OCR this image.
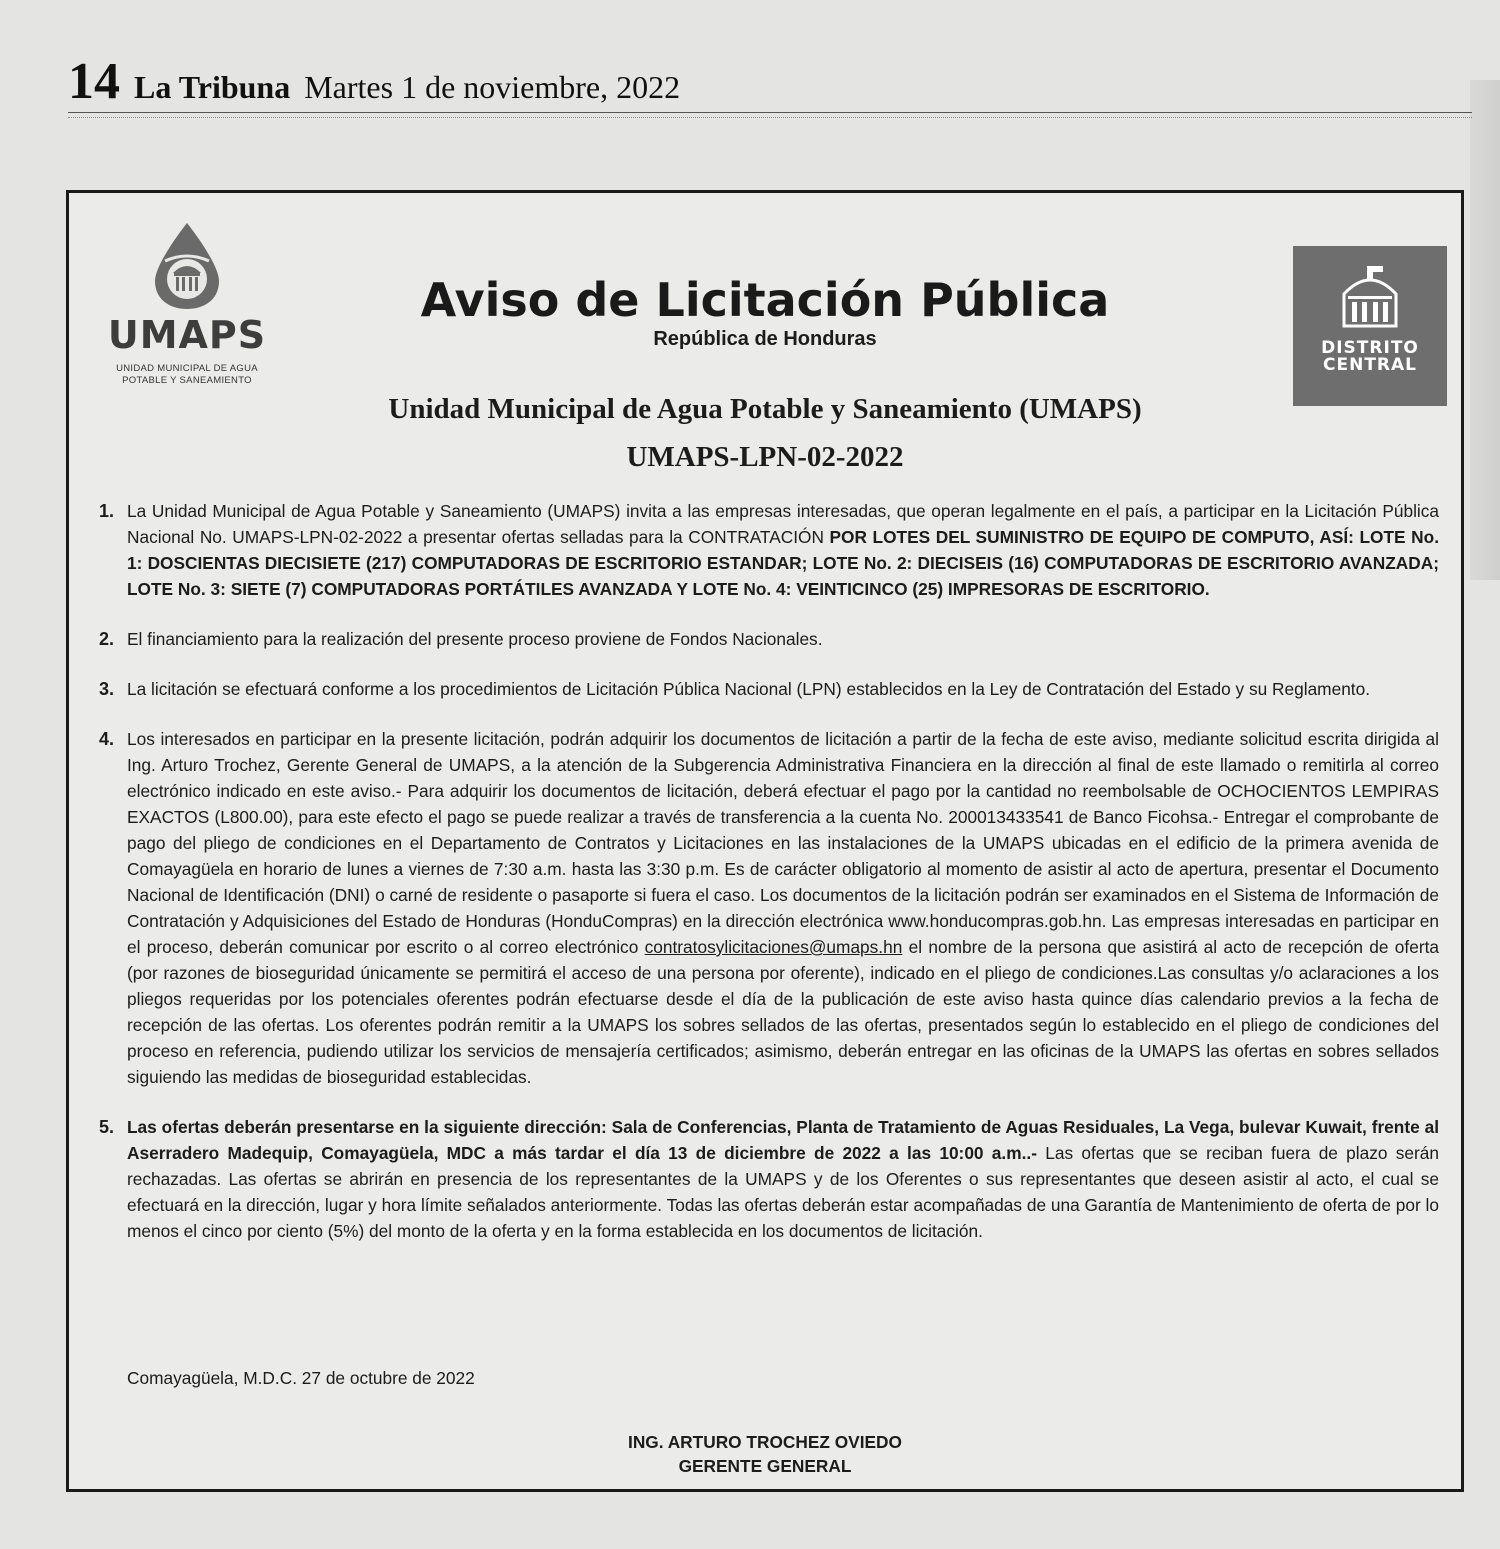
14 La Tribuna Martes 1 de noviembre, 2022
UMAPS
UNIDAD MUNICIPAL DE AGUA
POTABLE Y SANEAMIENTO
DISTRITO
CENTRAL
Aviso de Licitación Pública
República de Honduras
Unidad Municipal de Agua Potable y Saneamiento (UMAPS)
UMAPS-LPN-02-2022
1. La Unidad Municipal de Agua Potable y Saneamiento (UMAPS) invita a las empresas interesadas, que operan legalmente en el país, a participar en la Licitación Pública Nacional No. UMAPS-LPN-02-2022 a presentar ofertas selladas para la CONTRATACIÓN POR LOTES DEL SUMINISTRO DE EQUIPO DE COMPUTO, ASÍ: LOTE No. 1: DOSCIENTAS DIECISIETE (217) COMPUTADORAS DE ESCRITORIO ESTANDAR; LOTE No. 2: DIECISEIS (16) COMPUTADORAS DE ESCRITORIO AVANZADA; LOTE No. 3: SIETE (7) COMPUTADORAS PORTÁTILES AVANZADA Y LOTE No. 4: VEINTICINCO (25) IMPRESORAS DE ESCRITORIO.
2. El financiamiento para la realización del presente proceso proviene de Fondos Nacionales.
3. La licitación se efectuará conforme a los procedimientos de Licitación Pública Nacional (LPN) establecidos en la Ley de Contratación del Estado y su Reglamento.
4. Los interesados en participar en la presente licitación, podrán adquirir los documentos de licitación a partir de la fecha de este aviso, mediante solicitud escrita dirigida al Ing. Arturo Trochez, Gerente General de UMAPS, a la atención de la Subgerencia Administrativa Financiera en la dirección al final de este llamado o remitirla al correo electrónico indicado en este aviso.- Para adquirir los documentos de licitación, deberá efectuar el pago por la cantidad no reembolsable de OCHOCIENTOS LEMPIRAS EXACTOS (L800.00), para este efecto el pago se puede realizar a través de transferencia a la cuenta No. 200013433541 de Banco Ficohsa.- Entregar el comprobante de pago del pliego de condiciones en el Departamento de Contratos y Licitaciones en las instalaciones de la UMAPS ubicadas en el edificio de la primera avenida de Comayagüela en horario de lunes a viernes de 7:30 a.m. hasta las 3:30 p.m. Es de carácter obligatorio al momento de asistir al acto de apertura, presentar el Documento Nacional de Identificación (DNI) o carné de residente o pasaporte si fuera el caso. Los documentos de la licitación podrán ser examinados en el Sistema de Información de Contratación y Adquisiciones del Estado de Honduras (HonduCompras) en la dirección electrónica www.honducompras.gob.hn. Las empresas interesadas en participar en el proceso, deberán comunicar por escrito o al correo electrónico contratosylicitaciones@umaps.hn el nombre de la persona que asistirá al acto de recepción de oferta (por razones de bioseguridad únicamente se permitirá el acceso de una persona por oferente), indicado en el pliego de condiciones.Las consultas y/o aclaraciones a los pliegos requeridas por los potenciales oferentes podrán efectuarse desde el día de la publicación de este aviso hasta quince días calendario previos a la fecha de recepción de las ofertas. Los oferentes podrán remitir a la UMAPS los sobres sellados de las ofertas, presentados según lo establecido en el pliego de condiciones del proceso en referencia, pudiendo utilizar los servicios de mensajería certificados; asimismo, deberán entregar en las oficinas de la UMAPS las ofertas en sobres sellados siguiendo las medidas de bioseguridad establecidas.
5. Las ofertas deberán presentarse en la siguiente dirección: Sala de Conferencias, Planta de Tratamiento de Aguas Residuales, La Vega, bulevar Kuwait, frente al Aserradero Madequip, Comayagüela, MDC a más tardar el día 13 de diciembre de 2022 a las 10:00 a.m..- Las ofertas que se reciban fuera de plazo serán rechazadas. Las ofertas se abrirán en presencia de los representantes de la UMAPS y de los Oferentes o sus representantes que deseen asistir al acto, el cual se efectuará en la dirección, lugar y hora límite señalados anteriormente. Todas las ofertas deberán estar acompañadas de una Garantía de Mantenimiento de oferta de por lo menos el cinco por ciento (5%) del monto de la oferta y en la forma establecida en los documentos de licitación.
Comayagüela, M.D.C. 27 de octubre de 2022
ING. ARTURO TROCHEZ OVIEDO
GERENTE GENERAL
